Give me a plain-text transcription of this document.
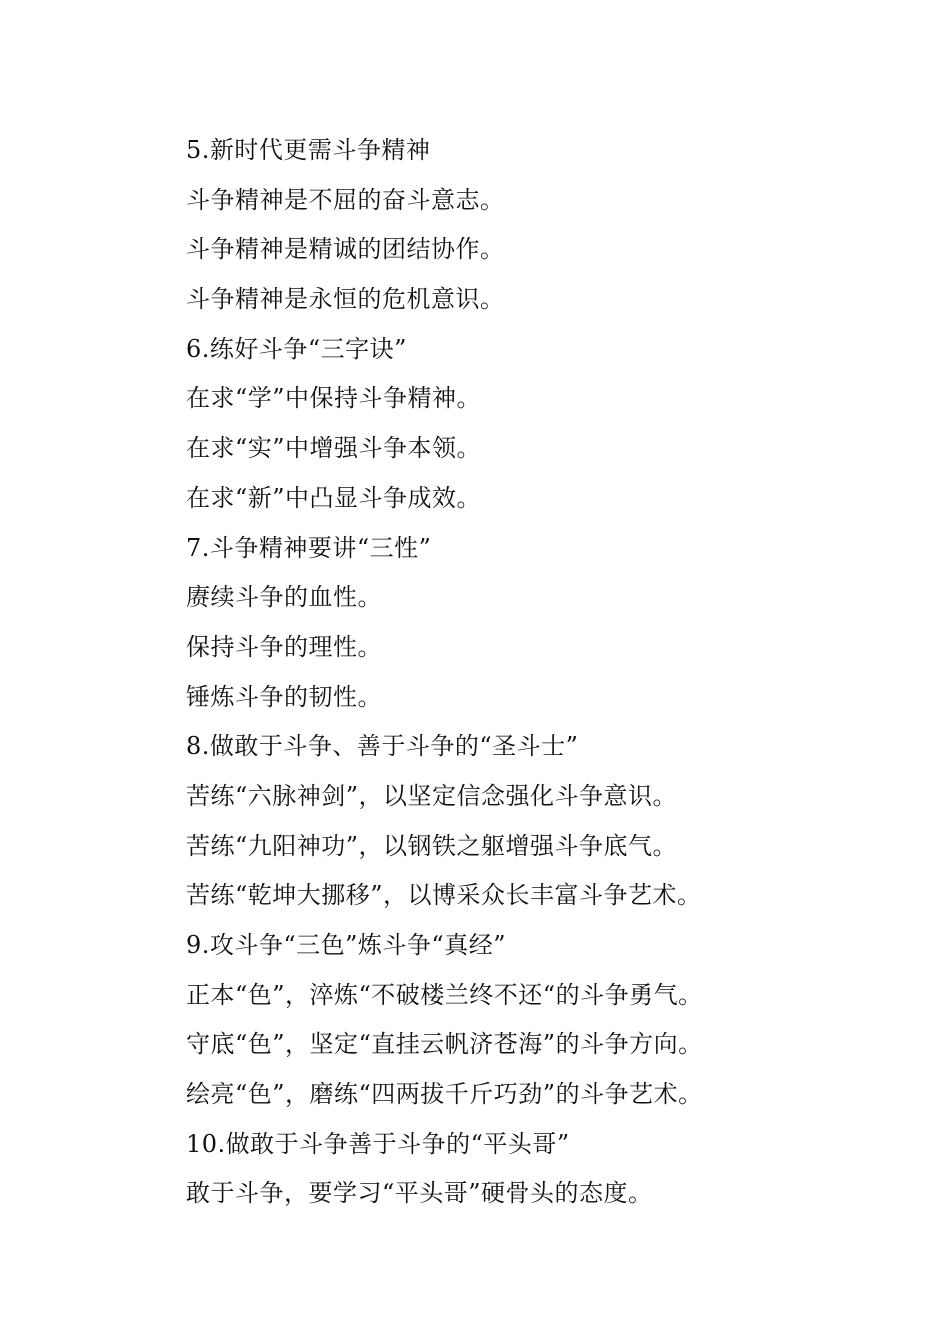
5.新时代更需斗争精神
斗争精神是不屈的奋斗意志。
斗争精神是精诚的团结协作。
斗争精神是永恒的危机意识。
6.练好斗争“三字诀”
在求“学”中保持斗争精神。
在求“实”中增强斗争本领。
在求“新”中凸显斗争成效。
7.斗争精神要讲“三性”
赓续斗争的血性。
保持斗争的理性。
锤炼斗争的韧性。
8.做敢于斗争、善于斗争的“圣斗士”
苦练“六脉神剑”，以坚定信念强化斗争意识。
苦练“九阳神功”，以钢铁之躯增强斗争底气。
苦练“乾坤大挪移”，以博采众长丰富斗争艺术。
9.攻斗争“三色”炼斗争“真经”
正本“色”，淬炼“不破楼兰终不还“的斗争勇气。
守底“色”，坚定“直挂云帆济苍海”的斗争方向。
绘亮“色”，磨练“四两拔千斤巧劲”的斗争艺术。
10.做敢于斗争善于斗争的“平头哥”
敢于斗争，要学习“平头哥”硬骨头的态度。
